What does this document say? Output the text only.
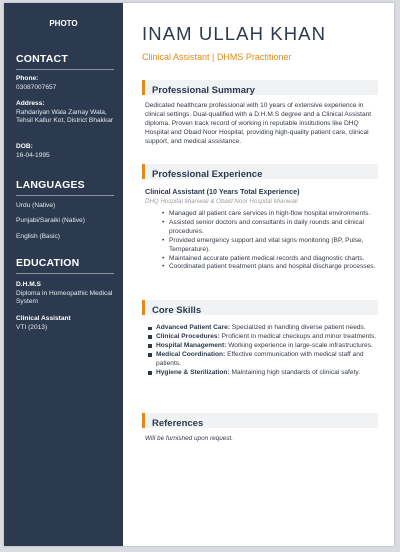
PHOTO
CONTACT
Phone:
03087007657
Address:
Rahdariyan Wala Zamay Wala, Tehsil Kallur Kot, District Bhakkar
DOB:
16-04-1995
LANGUAGES
Urdu (Native)
Punjabi/Saraiki (Native)
English (Basic)
EDUCATION
D.H.M.S
Diploma in Homeopathic Medical System
Clinical Assistant
VTI (2013)
INAM ULLAH KHAN
Clinical Assistant | DHMS Practitioner
Professional Summary
Dedicated healthcare professional with 10 years of extensive experience in clinical settings. Dual-qualified with a D.H.M.S degree and a Clinical Assistant diploma. Proven track record of working in reputable institutions like DHQ Hospital and Obaid Noor Hospital, providing high-quality patient care, clinical support, and medical assistance.
Professional Experience
Clinical Assistant (10 Years Total Experience)
DHQ Hospital Mianwali & Obaid Noor Hospital Mianwali
• Managed all patient care services in high-flow hospital environments.
• Assisted senior doctors and consultants in daily rounds and clinical procedures.
• Provided emergency support and vital signs monitoring (BP, Pulse, Temperature).
• Maintained accurate patient medical records and diagnostic charts.
• Coordinated patient treatment plans and hospital discharge processes.
Core Skills
Advanced Patient Care: Specialized in handling diverse patient needs.
Clinical Procedures: Proficient in medical checkups and minor treatments.
Hospital Management: Working experience in large-scale infrastructures.
Medical Coordination: Effective communication with medical staff and patients.
Hygiene & Sterilization: Maintaining high standards of clinical safety.
References
Will be furnished upon request.
